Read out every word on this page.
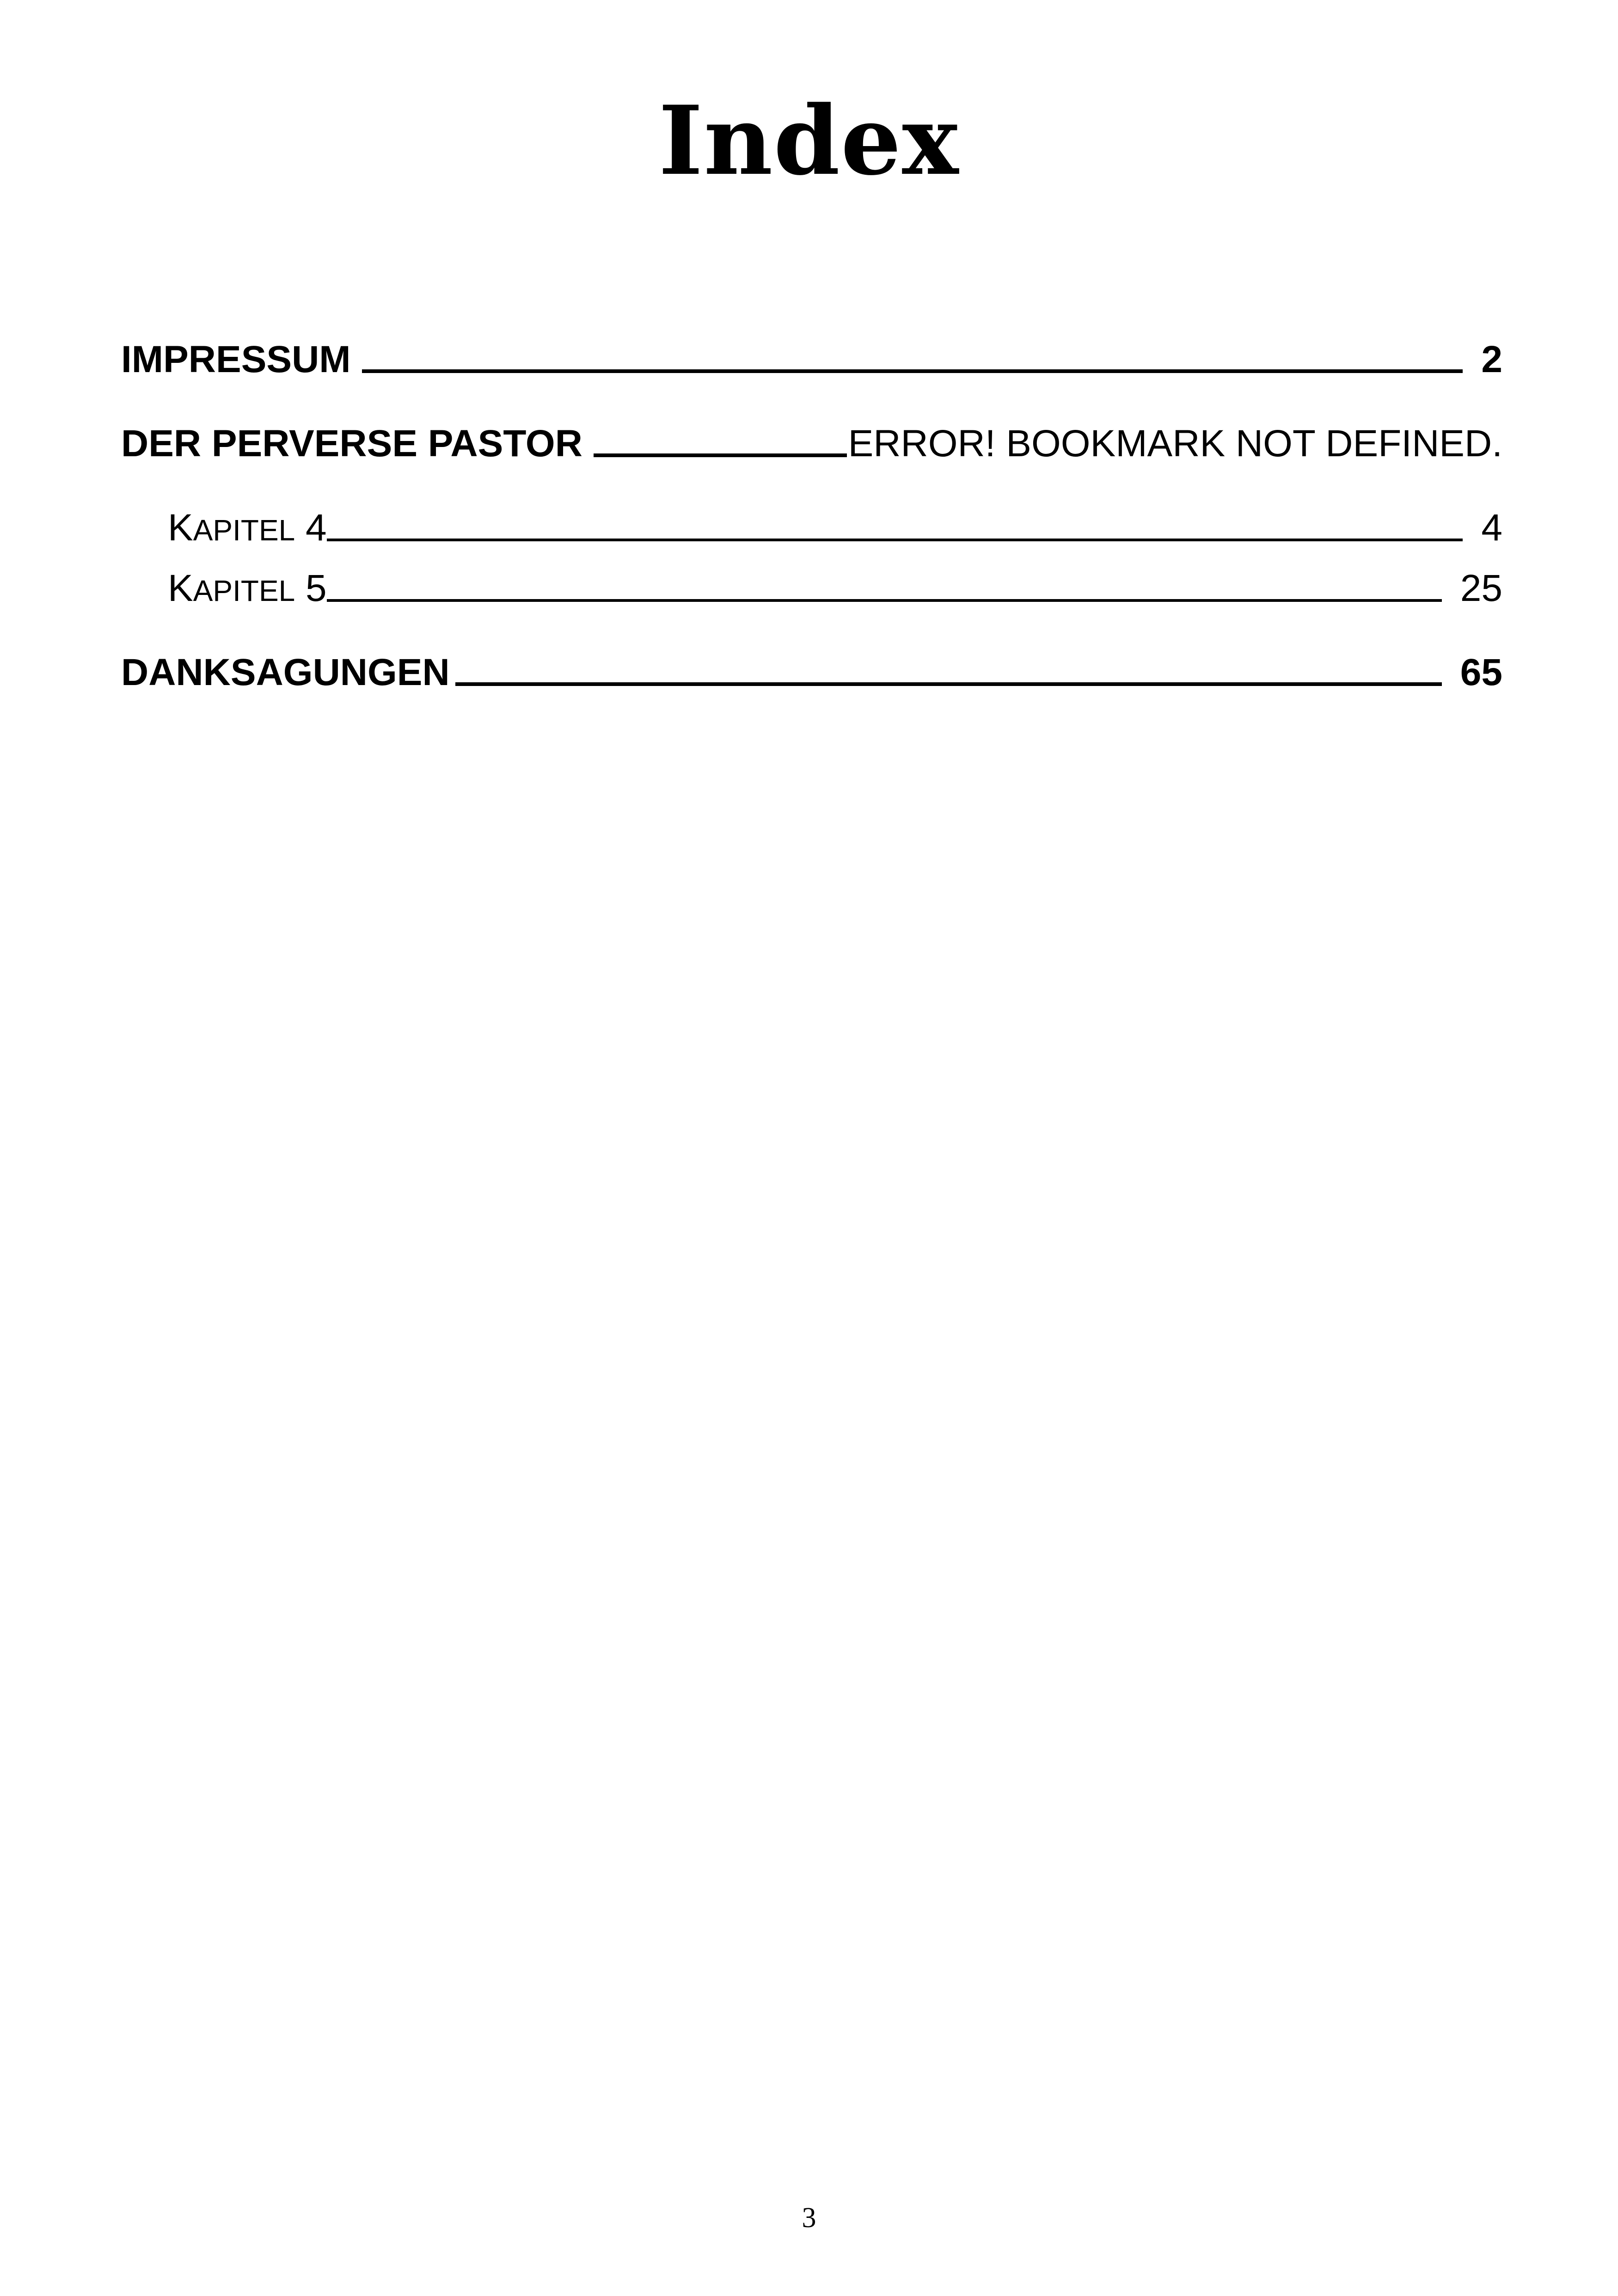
Index
IMPRESSUM	2
DER PERVERSE PASTOR	ERROR! BOOKMARK NOT DEFINED.
KAPITEL 4	4
KAPITEL 5	25
DANKSAGUNGEN	65
3
